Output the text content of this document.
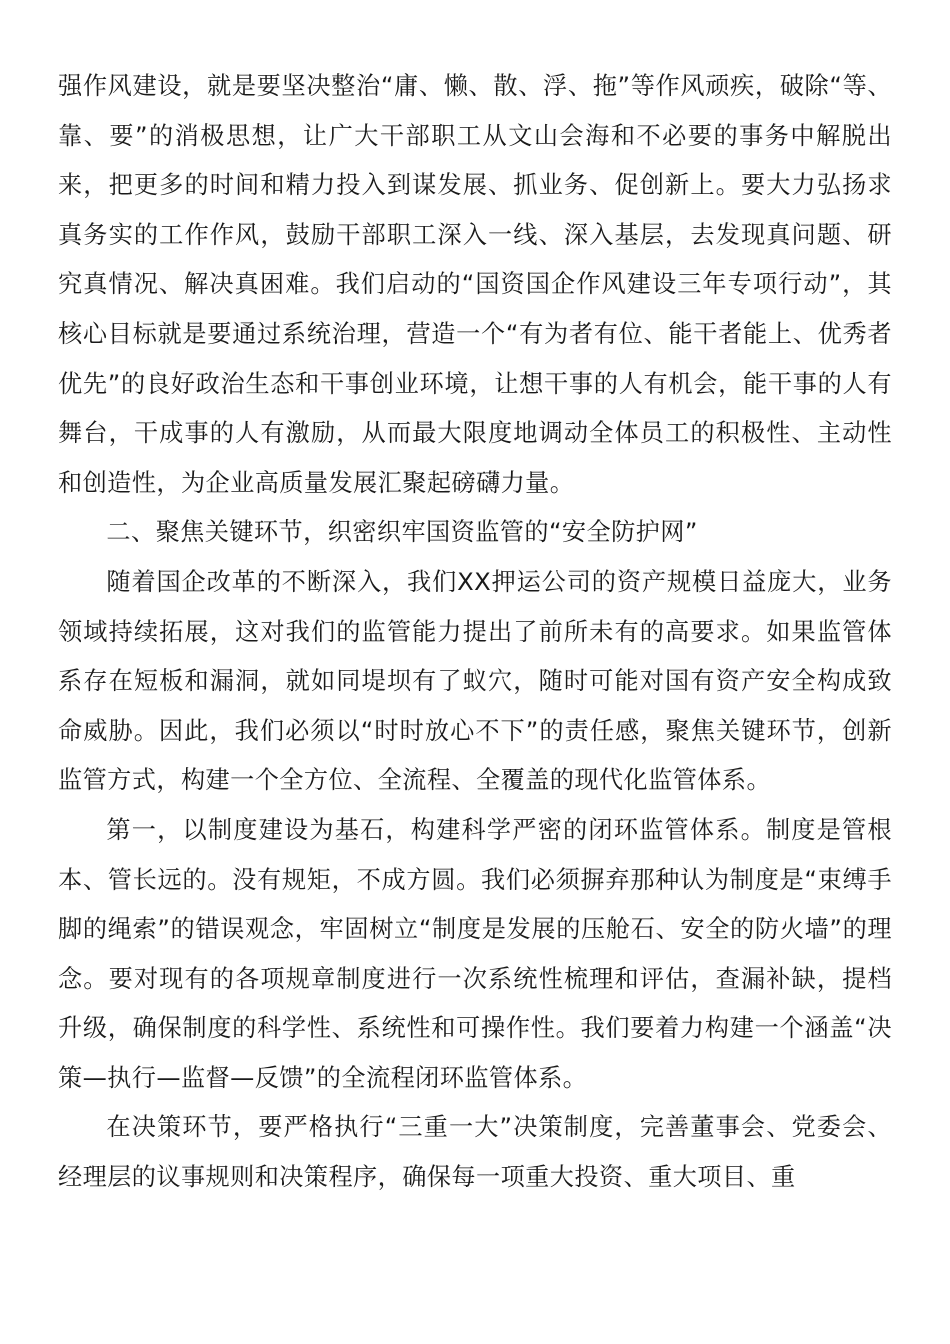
强作风建设，就是要坚决整治“庸、懒、散、浮、拖”等作风顽疾，破除“等、靠、要”的消极思想，让广大干部职工从文山会海和不必要的事务中解脱出来，把更多的时间和精力投入到谋发展、抓业务、促创新上。要大力弘扬求真务实的工作作风，鼓励干部职工深入一线、深入基层，去发现真问题、研究真情况、解决真困难。我们启动的“国资国企作风建设三年专项行动”，其核心目标就是要通过系统治理，营造一个“有为者有位、能干者能上、优秀者优先”的良好政治生态和干事创业环境，让想干事的人有机会，能干事的人有舞台，干成事的人有激励，从而最大限度地调动全体员工的积极性、主动性和创造性，为企业高质量发展汇聚起磅礴力量。

二、聚焦关键环节，织密织牢国资监管的“安全防护网”

随着国企改革的不断深入，我们XX押运公司的资产规模日益庞大，业务领域持续拓展，这对我们的监管能力提出了前所未有的高要求。如果监管体系存在短板和漏洞，就如同堤坝有了蚁穴，随时可能对国有资产安全构成致命威胁。因此，我们必须以“时时放心不下”的责任感，聚焦关键环节，创新监管方式，构建一个全方位、全流程、全覆盖的现代化监管体系。

第一，以制度建设为基石，构建科学严密的闭环监管体系。制度是管根本、管长远的。没有规矩，不成方圆。我们必须摒弃那种认为制度是“束缚手脚的绳索”的错误观念，牢固树立“制度是发展的压舱石、安全的防火墙”的理念。要对现有的各项规章制度进行一次系统性梳理和评估，查漏补缺，提档升级，确保制度的科学性、系统性和可操作性。我们要着力构建一个涵盖“决策—执行—监督—反馈”的全流程闭环监管体系。

在决策环节，要严格执行“三重一大”决策制度，完善董事会、党委会、经理层的议事规则和决策程序，确保每一项重大投资、重大项目、重
